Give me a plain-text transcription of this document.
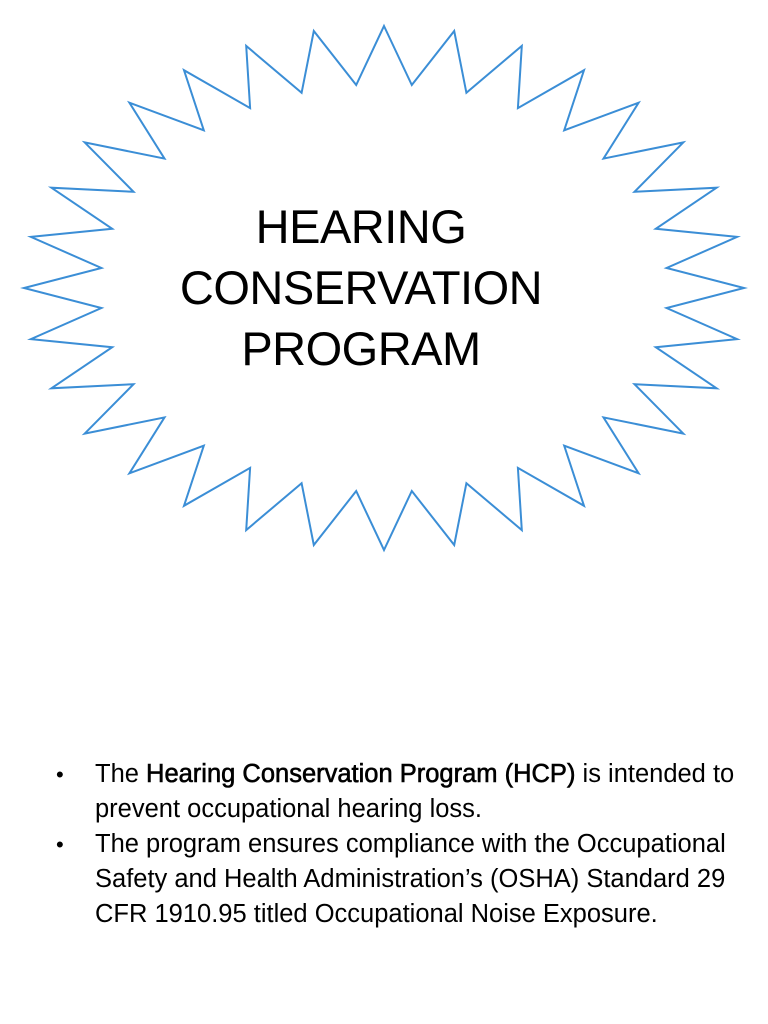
HEARING
CONSERVATION
PROGRAM
• The Hearing Conservation Program (HCP) is intended to prevent occupational hearing loss.
• The program ensures compliance with the Occupational Safety and Health Administration’s (OSHA) Standard 29 CFR 1910.95 titled Occupational Noise Exposure.
